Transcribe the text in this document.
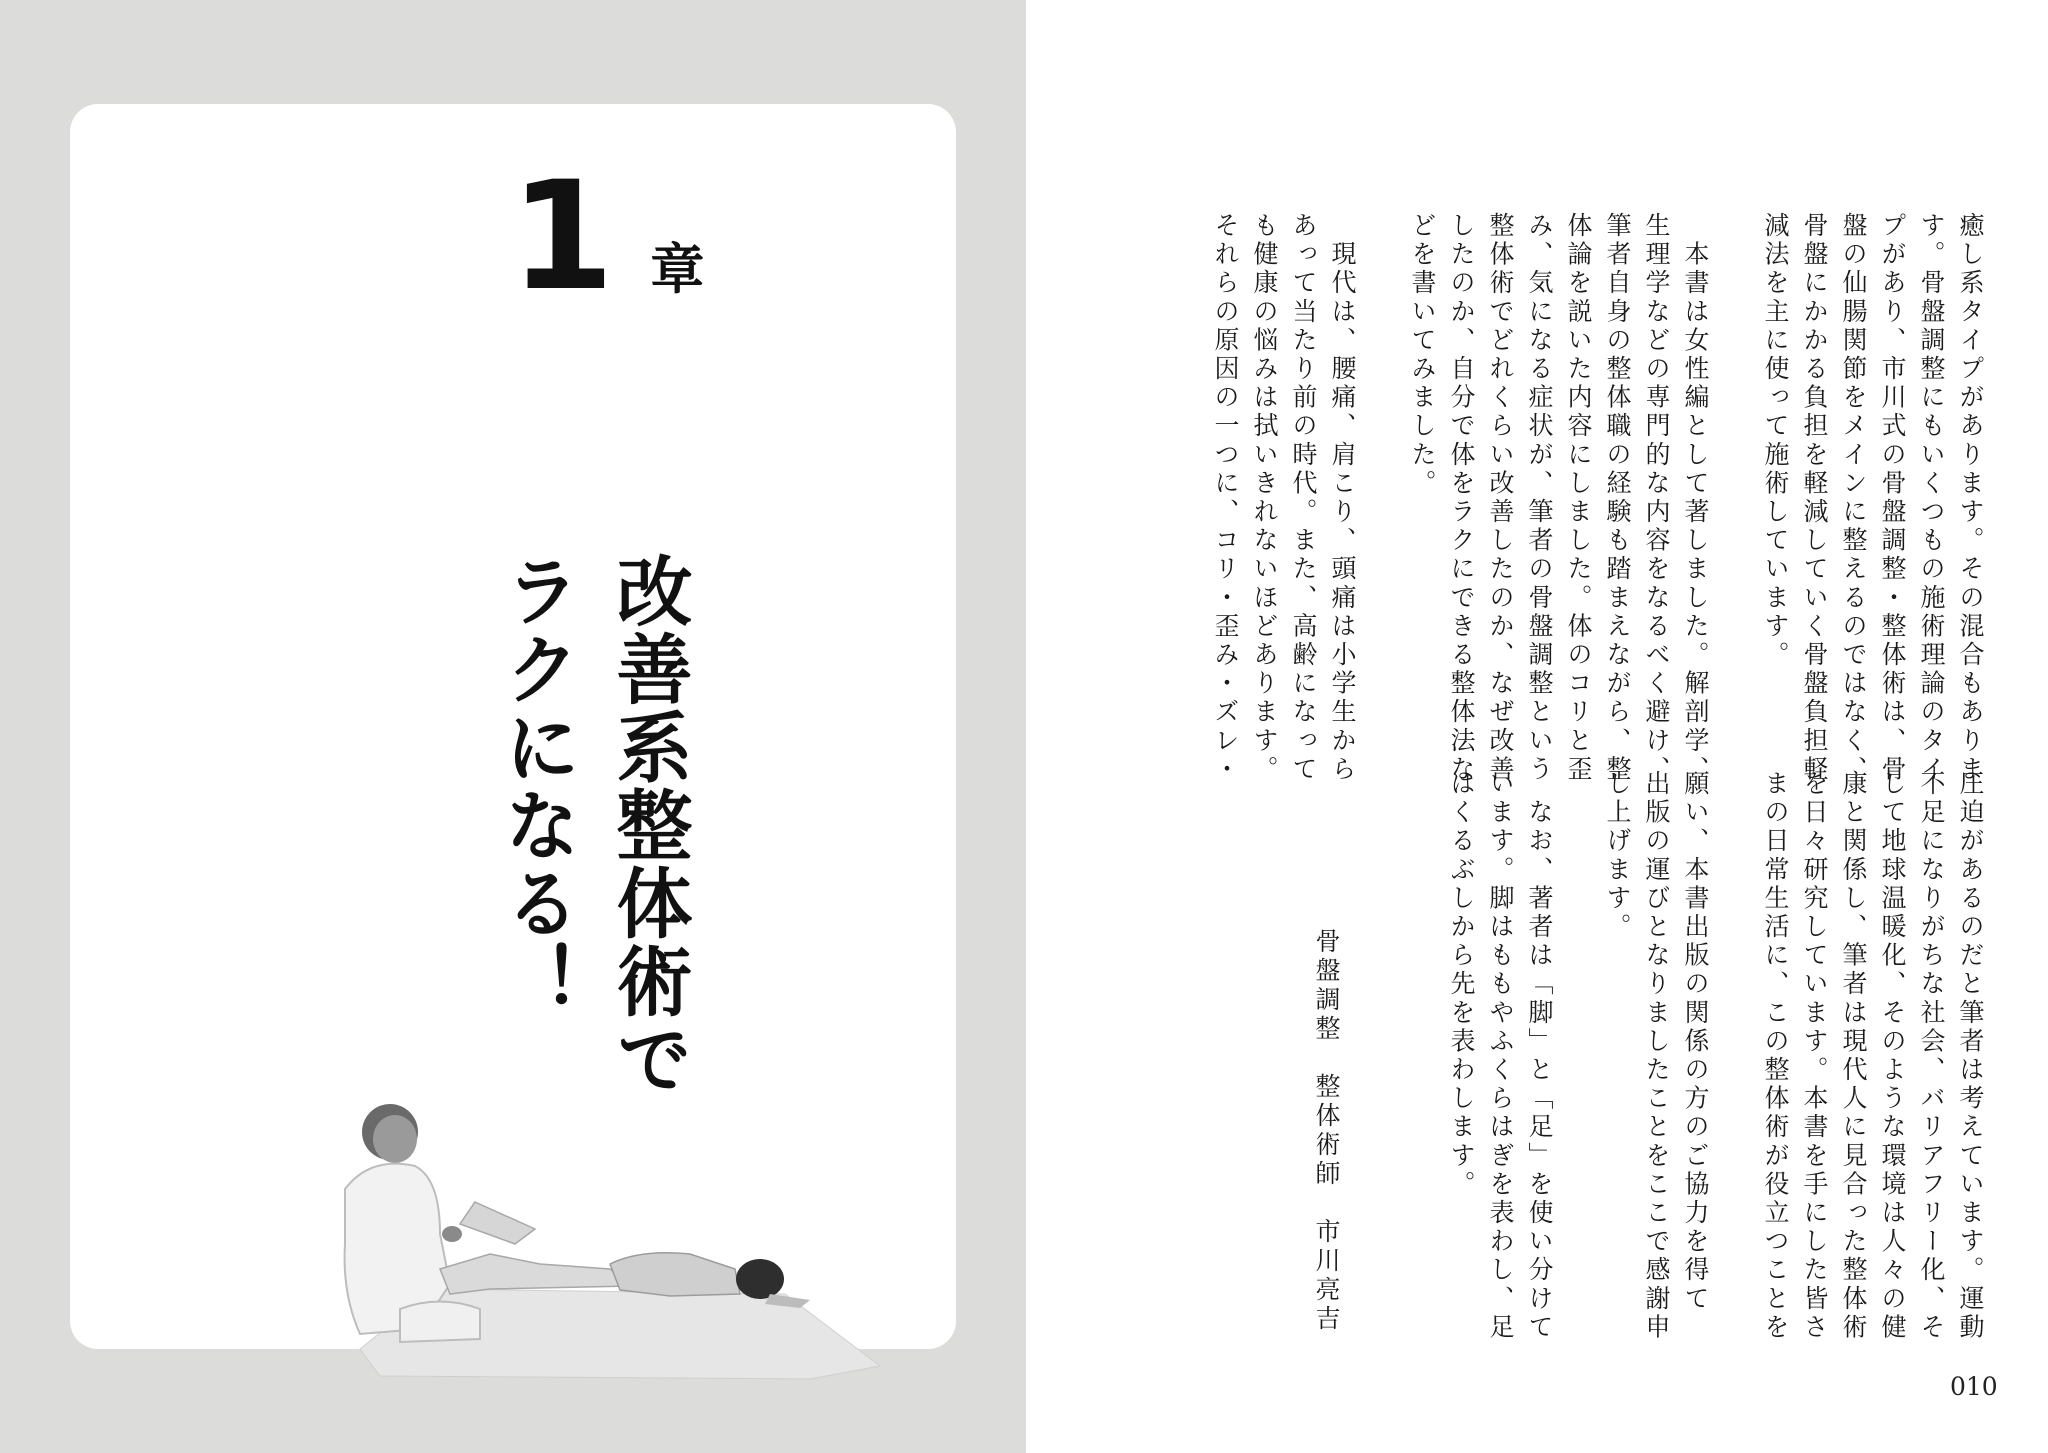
1 章
改善系整体術で
ラクになる！
癒し系タイプがあります。その混合もありま
す。骨盤調整にもいくつもの施術理論のタイ
プがあり、市川式の骨盤調整・整体術は、骨
盤の仙腸関節をメインに整えるのではなく、
骨盤にかかる負担を軽減していく骨盤負担軽
減法を主に使って施術しています。
　本書は女性編として著しました。解剖学、
生理学などの専門的な内容をなるべく避け、
筆者自身の整体職の経験も踏まえながら、整
体論を説いた内容にしました。体のコリと歪
み、気になる症状が、筆者の骨盤調整という
整体術でどれくらい改善したのか、なぜ改善
したのか、自分で体をラクにできる整体法な
どを書いてみました。
　現代は、腰痛、肩こり、頭痛は小学生から
あって当たり前の時代。また、高齢になって
も健康の悩みは拭いきれないほどあります。
それらの原因の一つに、コリ・歪み・ズレ・
圧迫があるのだと筆者は考えています。運動
不足になりがちな社会、バリアフリー化、そ
して地球温暖化、そのような環境は人々の健
康と関係し、筆者は現代人に見合った整体術
を日々研究しています。本書を手にした皆さ
まの日常生活に、この整体術が役立つことを
願い、本書出版の関係の方のご協力を得て
出版の運びとなりましたことをここで感謝申
し上げます。
　なお、著者は「脚」と「足」を使い分けて
います。脚はももやふくらはぎを表わし、足
はくるぶしから先を表わします。
骨盤調整　整体術師　市川亮吉
010
